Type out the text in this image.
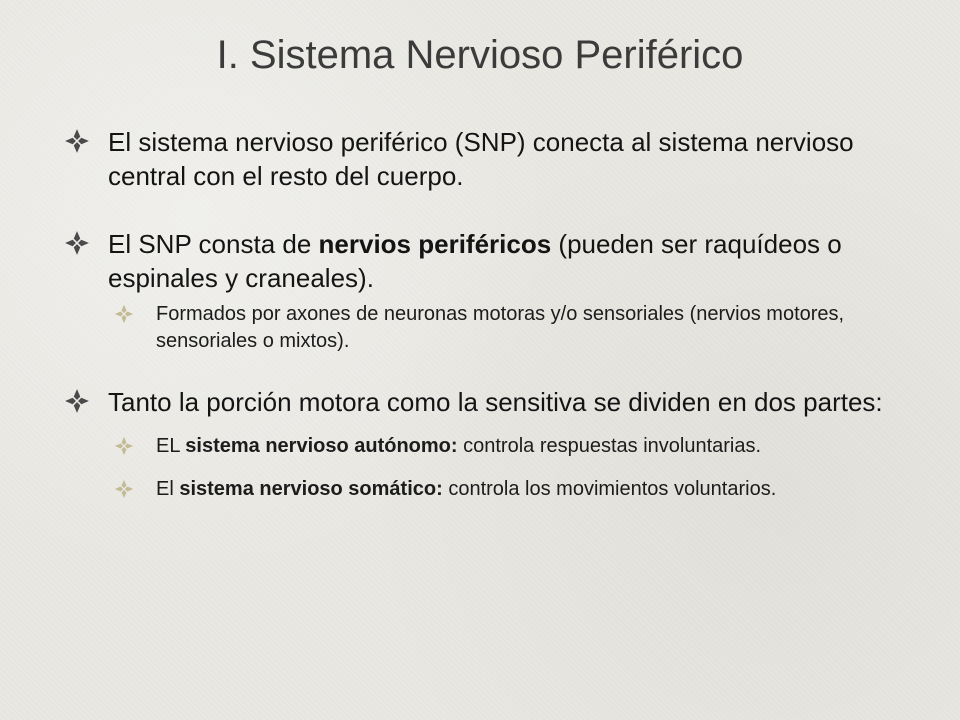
I. Sistema Nervioso Periférico
El sistema nervioso periférico (SNP) conecta al sistema nervioso central con el resto del cuerpo.
El SNP consta de nervios periféricos (pueden ser raquídeos o espinales y craneales).
Formados por axones de neuronas motoras y/o sensoriales (nervios motores, sensoriales o mixtos).
Tanto la porción motora como la sensitiva se dividen en dos partes:
EL sistema nervioso autónomo: controla respuestas involuntarias.
El sistema nervioso somático: controla los movimientos voluntarios.
